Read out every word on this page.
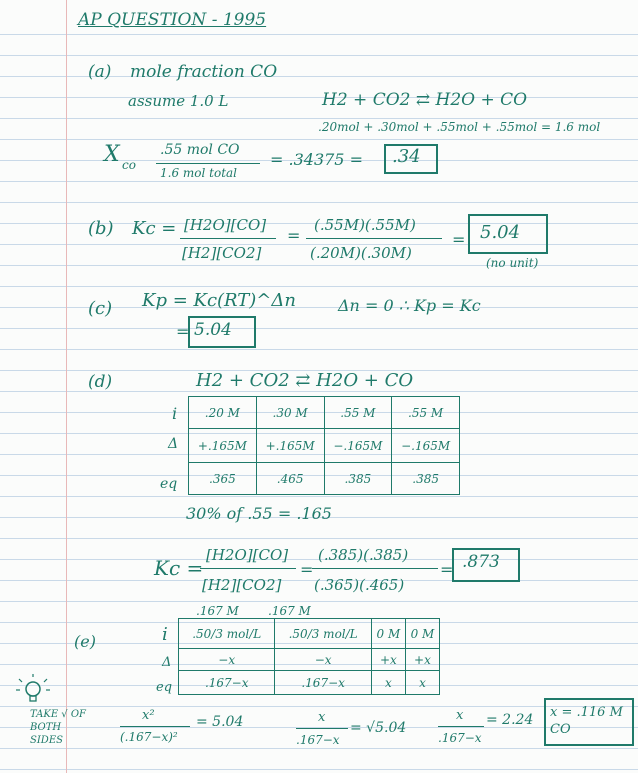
AP QUESTION - 1995
(a) mole fraction CO
assume 1.0 L	H2 + CO2 ⇄ H2O + CO
.20mol + .30mol + .55mol + .55mol = 1.6 mol
X co
.55 mol CO
1.6 mol total
= .34375 = .34
(b) Kc = [H2O][CO]
[H2][CO2]
=
(.55M)(.55M)
(.20M)(.30M)
= 5.04
(no unit)
(c) Kp = Kc(RT)^Δn	Δn = 0 ∴ Kp = Kc
= 5.04
(d)	H2 + CO2 ⇄ H2O + CO
i
Δ
eq
.20 M	.30 M	.55 M	.55 M
+.165M	+.165M	−.165M	−.165M
.365	.465	.385	.385
30% of .55 = .165
Kc =
[H2O][CO]
[H2][CO2]
=
(.385)(.385)
(.365)(.465)
= .873
.167 M .167 M
(e)	i
Δ
eq
.50/3 mol/L	.50/3 mol/L	0 M	0 M
−x	−x	+x	+x
.167−x	.167−x	x	x
TAKE √ OF BOTH SIDES
x²
(.167−x)²
= 5.04	x
.167−x
= √5.04
x
.167−x
= 2.24 x = .116 M CO
